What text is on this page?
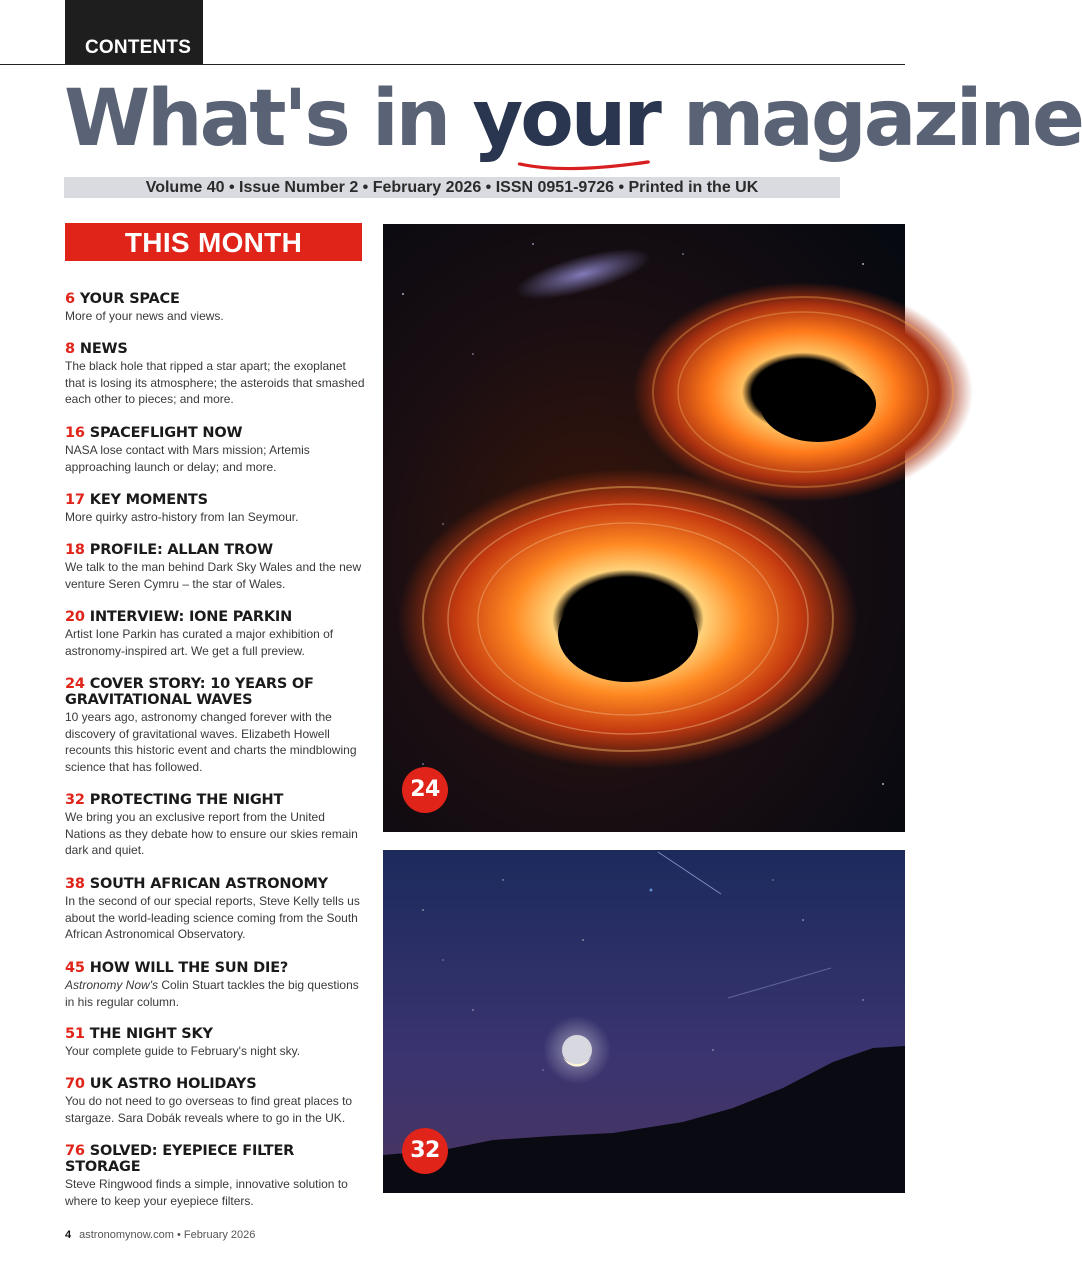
CONTENTS
What's in your
magazine
Volume 40 • Issue Number 2 • February 2026 • ISSN 0951-9726 • Printed in the UK
THIS MONTH
6 YOUR SPACE
More of your news and views.
8 NEWS
The black hole that ripped a star apart; the exoplanet that is losing its atmosphere; the asteroids that smashed each other to pieces; and more.
16 SPACEFLIGHT NOW
NASA lose contact with Mars mission; Artemis approaching launch or delay; and more.
17 KEY MOMENTS
More quirky astro-history from Ian Seymour.
18 PROFILE: ALLAN TROW
We talk to the man behind Dark Sky Wales and the new venture Seren Cymru – the star of Wales.
20 INTERVIEW: IONE PARKIN
Artist Ione Parkin has curated a major exhibition of astronomy-inspired art. We get a full preview.
24 COVER STORY: 10 YEARS OF GRAVITATIONAL WAVES
10 years ago, astronomy changed forever with the discovery of gravitational waves. Elizabeth Howell recounts this historic event and charts the mindblowing science that has followed.
32 PROTECTING THE NIGHT
We bring you an exclusive report from the United Nations as they debate how to ensure our skies remain dark and quiet.
38 SOUTH AFRICAN ASTRONOMY
In the second of our special reports, Steve Kelly tells us about the world-leading science coming from the South African Astronomical Observatory.
45 HOW WILL THE SUN DIE?
Astronomy Now's Colin Stuart tackles the big questions in his regular column.
51 THE NIGHT SKY
Your complete guide to February's night sky.
70 UK ASTRO HOLIDAYS
You do not need to go overseas to find great places to stargaze. Sara Dobák reveals where to go in the UK.
76 SOLVED: EYEPIECE FILTER STORAGE
Steve Ringwood finds a simple, innovative solution to where to keep your eyepiece filters.
24
32
4 astronomynow.com • February 2026
